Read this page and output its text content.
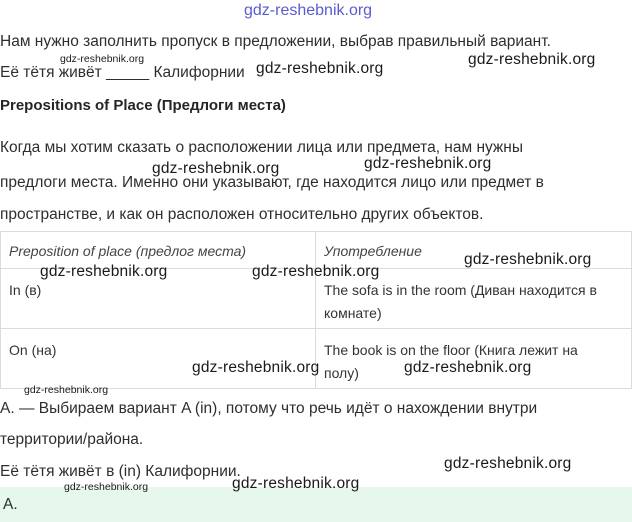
gdz-reshebnik.org
Нам нужно заполнить пропуск в предложении, выбрав правильный вариант.
Её тётя живёт _____ Калифорнии
Prepositions of Place (Предлоги места)
Когда мы хотим сказать о расположении лица или предмета, нам нужны
предлоги места. Именно они указывают, где находится лицо или предмет в
пространстве, и как он расположен относительно других объектов.
Preposition of place (предлог места)	Употребление

In (в)	The sofa is in the room (Диван находится в
комнате)

On (на)	The book is on the floor (Книга лежит на
полу)
A. — Выбираем вариант A (in), потому что речь идёт о нахождении внутри
территории/района.
Её тётя живёт в (in) Калифорнии.
A.
gdz-reshebnik.org
gdz-reshebnik.org
gdz-reshebnik.org
gdz-reshebnik.org	gdz-reshebnik.org
gdz-reshebnik.org	gdz-reshebnik.org
gdz-reshebnik.org
gdz-reshebnik.org	gdz-reshebnik.org
gdz-reshebnik.org
gdz-reshebnik.org
gdz-reshebnik.org	gdz-reshebnik.org
